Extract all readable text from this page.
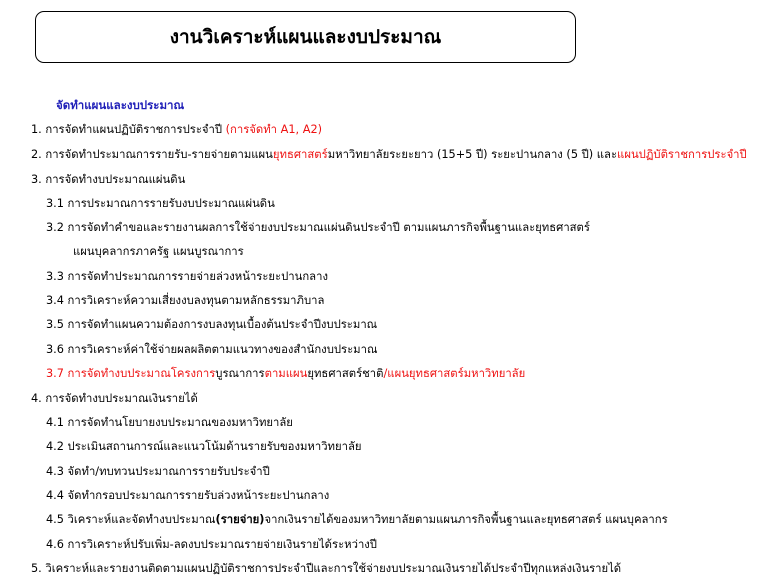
งานวิเคราะห์แผนและงบประมาณ
จัดทำแผนและงบประมาณ
1. การจัดทำแผนปฏิบัติราชการประจำปี (การจัดทำ A1, A2)
2. การจัดทำประมาณการรายรับ-รายจ่ายตามแผนยุทธศาสตร์มหาวิทยาลัยระยะยาว (15+5 ปี) ระยะปานกลาง (5 ปี) และแผนปฏิบัติราชการประจำปี
3. การจัดทำงบประมาณแผ่นดิน
3.1 การประมาณการรายรับงบประมาณแผ่นดิน
3.2 การจัดทำคำขอและรายงานผลการใช้จ่ายงบประมาณแผ่นดินประจำปี ตามแผนภารกิจพื้นฐานและยุทธศาสตร์
แผนบุคลากรภาครัฐ แผนบูรณาการ
3.3 การจัดทำประมาณการรายจ่ายล่วงหน้าระยะปานกลาง
3.4 การวิเคราะห์ความเสี่ยงงบลงทุนตามหลักธรรมาภิบาล
3.5 การจัดทำแผนความต้องการงบลงทุนเบื้องต้นประจำปีงบประมาณ
3.6 การวิเคราะห์ค่าใช้จ่ายผลผลิตตามแนวทางของสำนักงบประมาณ
3.7 การจัดทำงบประมาณโครงการบูรณาการตามแผนยุทธศาสตร์ชาติ/แผนยุทธศาสตร์มหาวิทยาลัย
4. การจัดทำงบประมาณเงินรายได้
4.1 การจัดทำนโยบายงบประมาณของมหาวิทยาลัย
4.2 ประเมินสถานการณ์และแนวโน้มด้านรายรับของมหาวิทยาลัย
4.3 จัดทำ/ทบทวนประมาณการรายรับประจำปี
4.4 จัดทำกรอบประมาณการรายรับล่วงหน้าระยะปานกลาง
4.5 วิเคราะห์และจัดทำงบประมาณ(รายจ่าย)จากเงินรายได้ของมหาวิทยาลัยตามแผนภารกิจพื้นฐานและยุทธศาสตร์ แผนบุคลากร
4.6 การวิเคราะห์ปรับเพิ่ม-ลดงบประมาณรายจ่ายเงินรายได้ระหว่างปี
5. วิเคราะห์และรายงานติดตามแผนปฏิบัติราชการประจำปีและการใช้จ่ายงบประมาณเงินรายได้ประจำปีทุกแหล่งเงินรายได้
